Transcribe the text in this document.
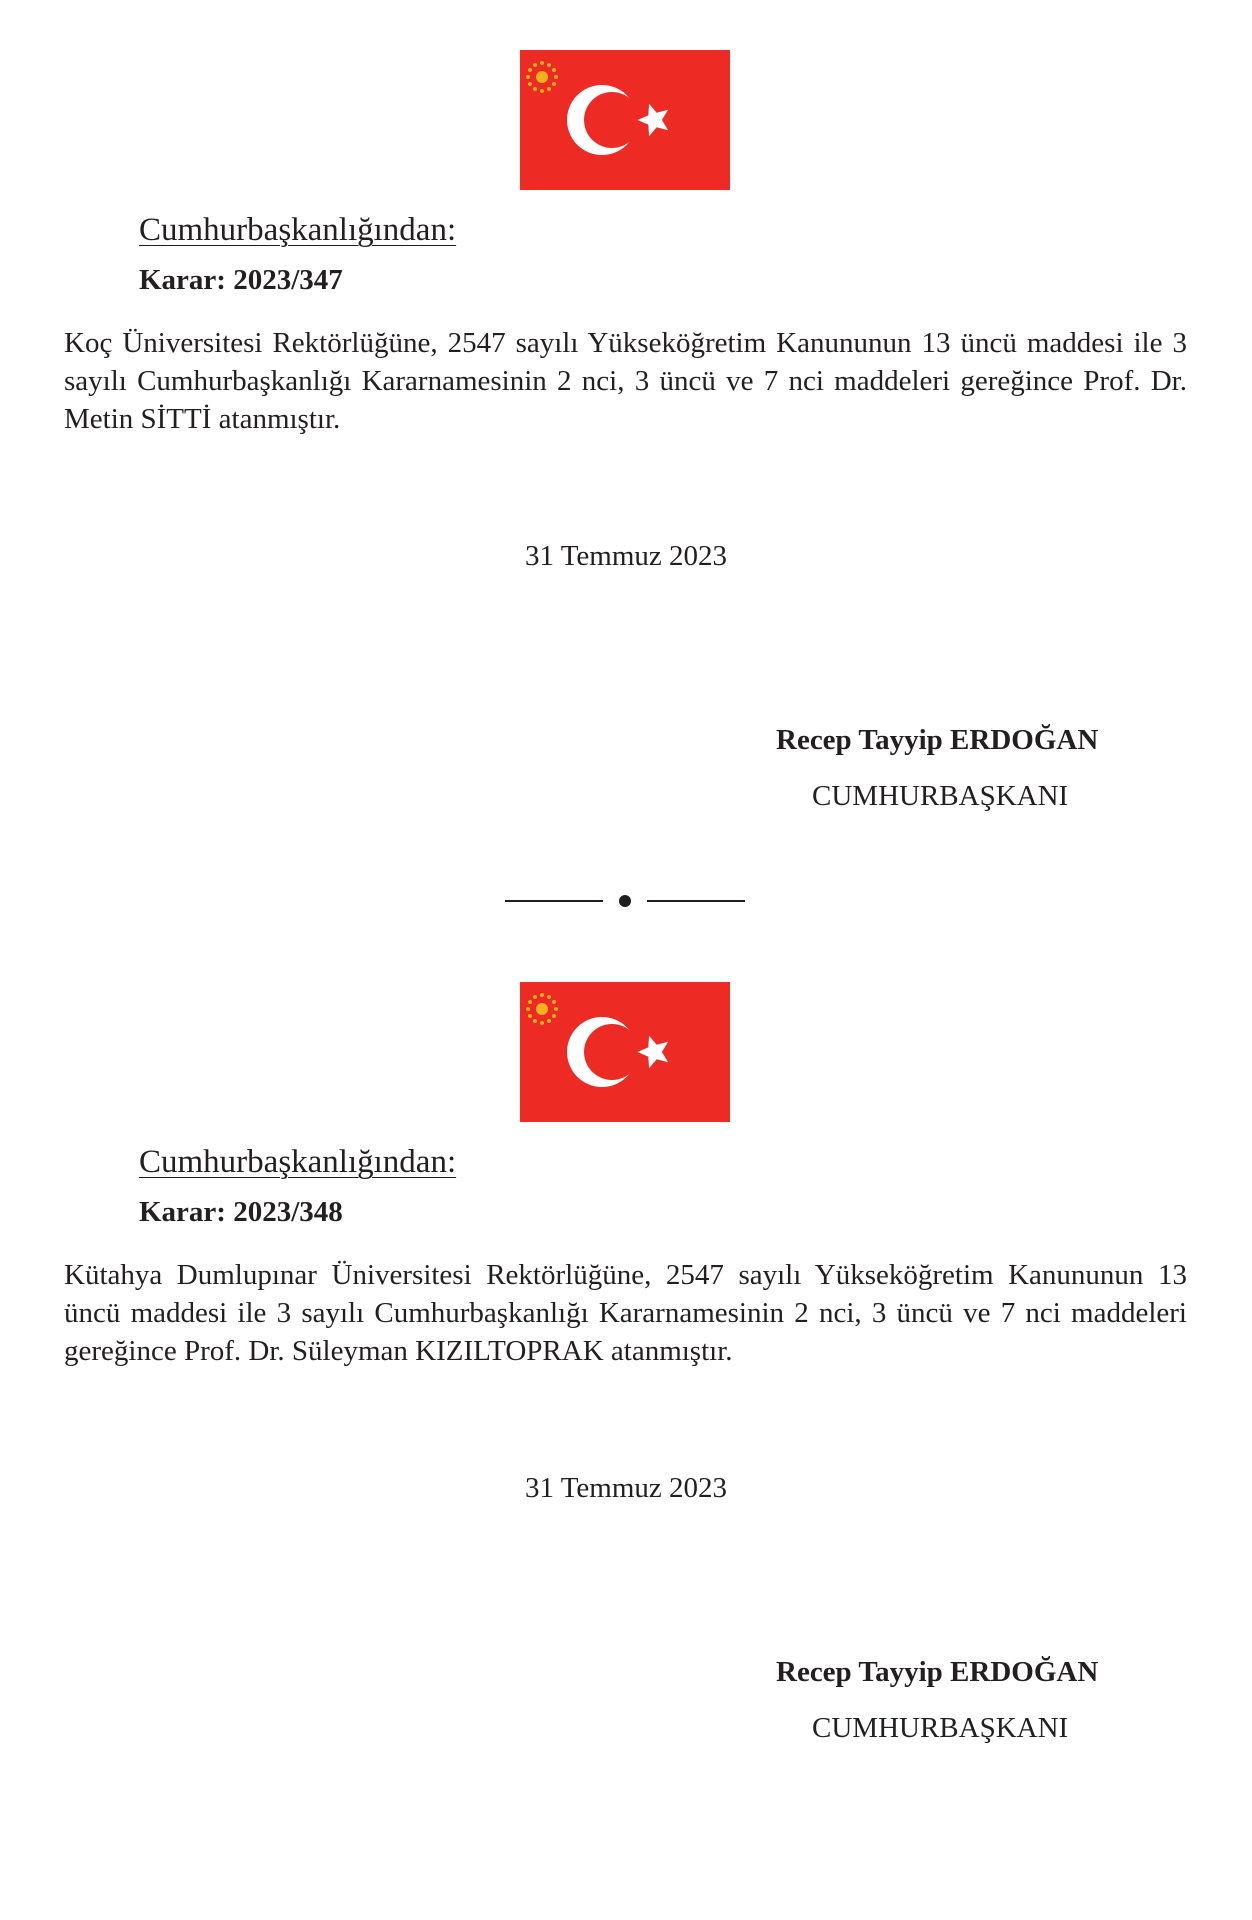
Cumhurbaşkanlığından:
Karar: 2023/347
Koç Üniversitesi Rektörlüğüne, 2547 sayılı Yükseköğretim Kanununun 13 üncü maddesi ile 3 sayılı Cumhurbaşkanlığı Kararnamesinin 2 nci, 3 üncü ve 7 nci maddeleri gereğince Prof. Dr. Metin SİTTİ atanmıştır.
31 Temmuz 2023
Recep Tayyip ERDOĞAN
CUMHURBAŞKANI
Cumhurbaşkanlığından:
Karar: 2023/348
Kütahya Dumlupınar Üniversitesi Rektörlüğüne, 2547 sayılı Yükseköğretim Kanununun 13 üncü maddesi ile 3 sayılı Cumhurbaşkanlığı Kararnamesinin 2 nci, 3 üncü ve 7 nci maddeleri gereğince Prof. Dr. Süleyman KIZILTOPRAK atanmıştır.
31 Temmuz 2023
Recep Tayyip ERDOĞAN
CUMHURBAŞKANI
